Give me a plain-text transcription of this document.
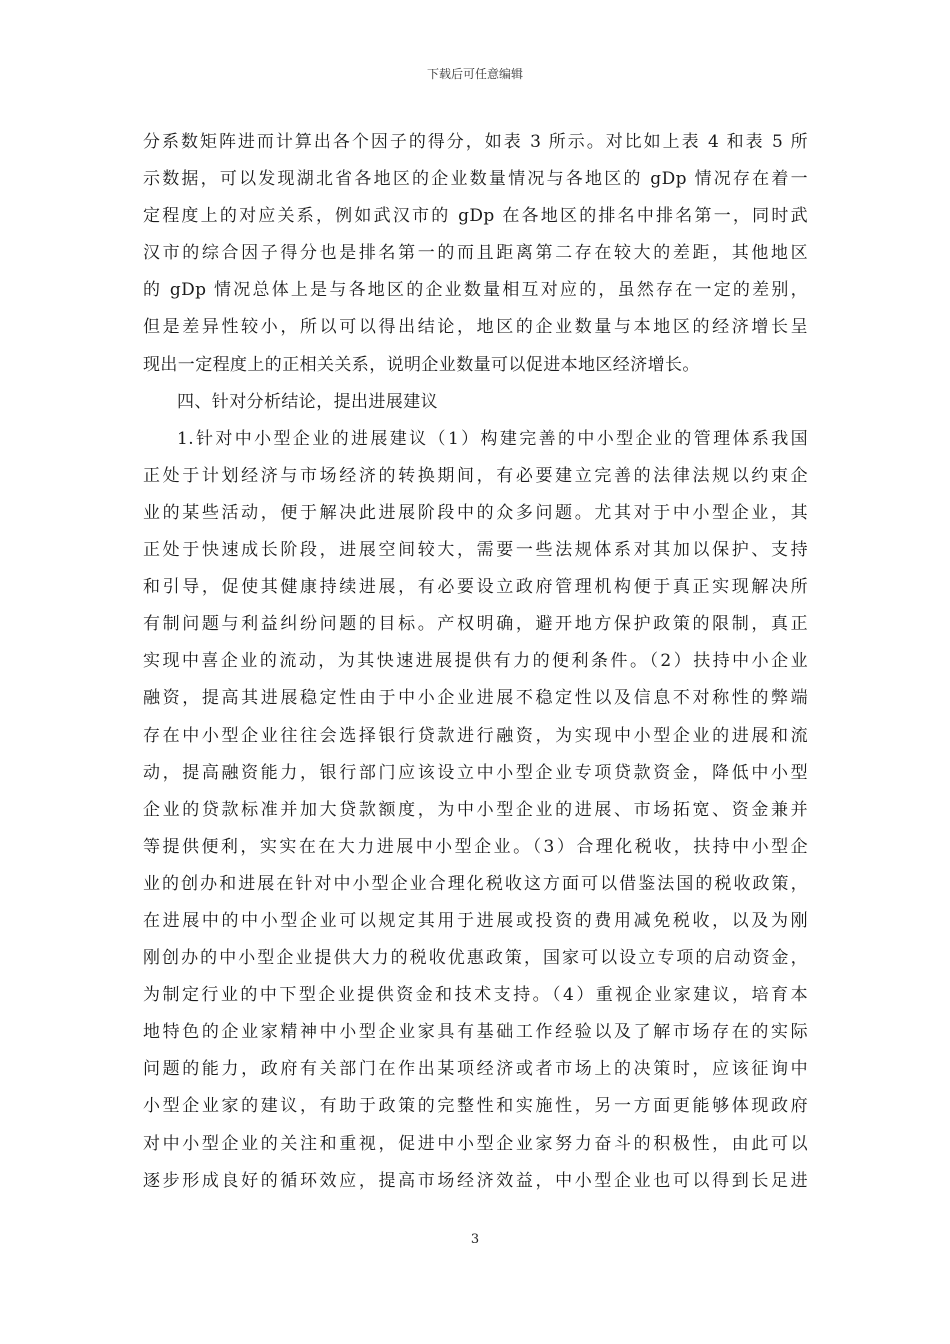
下载后可任意编辑
分系数矩阵进而计算出各个因子的得分，如表 3 所示。对比如上表 4 和表 5 所
示数据，可以发现湖北省各地区的企业数量情况与各地区的 gDp 情况存在着一
定程度上的对应关系，例如武汉市的 gDp 在各地区的排名中排名第一，同时武
汉市的综合因子得分也是排名第一的而且距离第二存在较大的差距，其他地区
的 gDp 情况总体上是与各地区的企业数量相互对应的，虽然存在一定的差别，
但是差异性较小，所以可以得出结论，地区的企业数量与本地区的经济增长呈
现出一定程度上的正相关关系，说明企业数量可以促进本地区经济增长。
四、针对分析结论，提出进展建议
1.针对中小型企业的进展建议（1）构建完善的中小型企业的管理体系我国
正处于计划经济与市场经济的转换期间，有必要建立完善的法律法规以约束企
业的某些活动，便于解决此进展阶段中的众多问题。尤其对于中小型企业，其
正处于快速成长阶段，进展空间较大，需要一些法规体系对其加以保护、支持
和引导，促使其健康持续进展，有必要设立政府管理机构便于真正实现解决所
有制问题与利益纠纷问题的目标。产权明确，避开地方保护政策的限制，真正
实现中喜企业的流动，为其快速进展提供有力的便利条件。（2）扶持中小企业
融资，提高其进展稳定性由于中小企业进展不稳定性以及信息不对称性的弊端
存在中小型企业往往会选择银行贷款进行融资，为实现中小型企业的进展和流
动，提高融资能力，银行部门应该设立中小型企业专项贷款资金，降低中小型
企业的贷款标准并加大贷款额度，为中小型企业的进展、市场拓宽、资金兼并
等提供便利，实实在在大力进展中小型企业。（3）合理化税收，扶持中小型企
业的创办和进展在针对中小型企业合理化税收这方面可以借鉴法国的税收政策，
在进展中的中小型企业可以规定其用于进展或投资的费用减免税收，以及为刚
刚创办的中小型企业提供大力的税收优惠政策，国家可以设立专项的启动资金，
为制定行业的中下型企业提供资金和技术支持。（4）重视企业家建议，培育本
地特色的企业家精神中小型企业家具有基础工作经验以及了解市场存在的实际
问题的能力，政府有关部门在作出某项经济或者市场上的决策时，应该征询中
小型企业家的建议，有助于政策的完整性和实施性，另一方面更能够体现政府
对中小型企业的关注和重视，促进中小型企业家努力奋斗的积极性，由此可以
逐步形成良好的循环效应，提高市场经济效益，中小型企业也可以得到长足进
3
